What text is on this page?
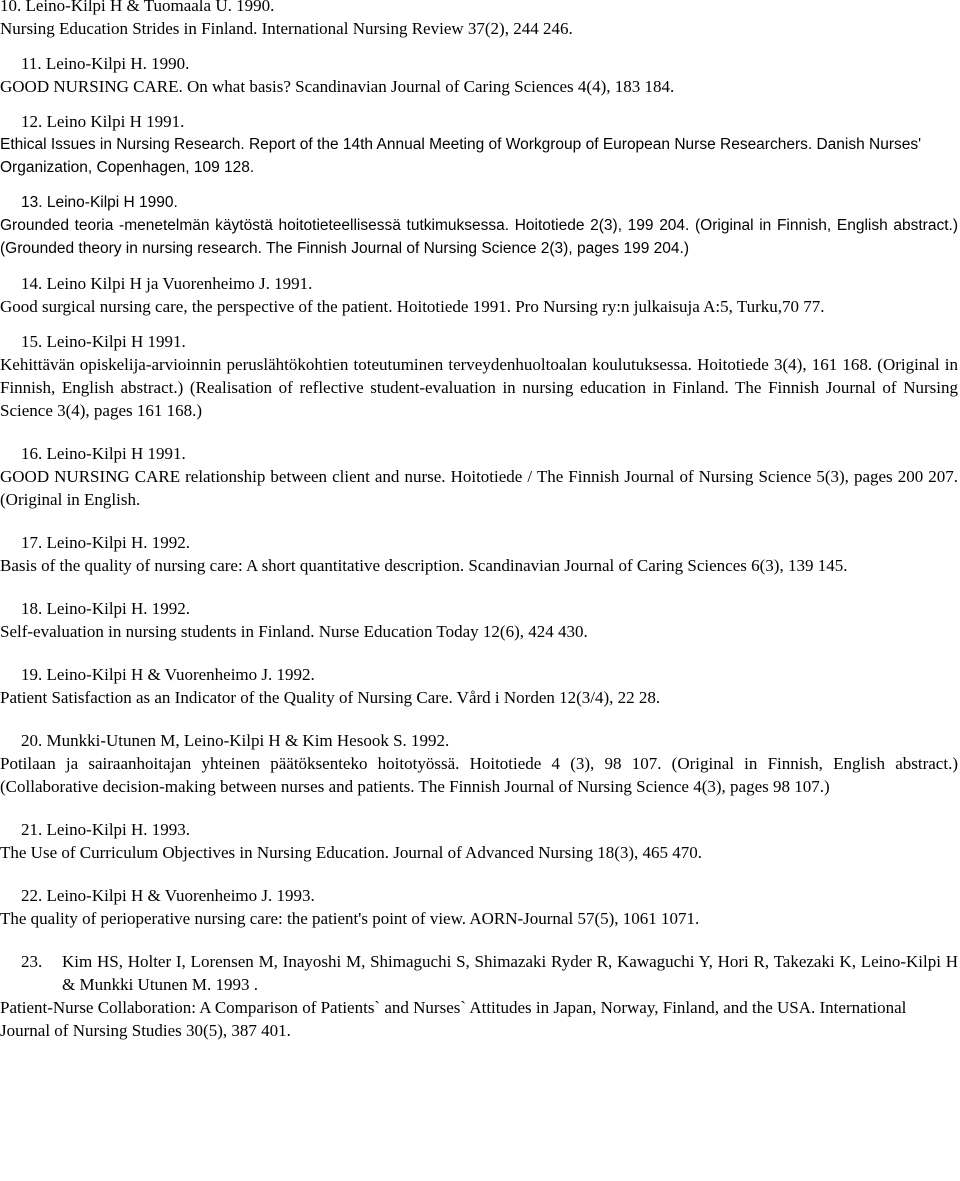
10. Leino-Kilpi H & Tuomaala U. 1990.
Nursing Education Strides in Finland. International Nursing Review 37(2), 244 246.
11. Leino-Kilpi H. 1990.
GOOD NURSING CARE. On what basis? Scandinavian Journal of Caring Sciences 4(4), 183 184.
12. Leino Kilpi H 1991.
Ethical Issues in Nursing Research. Report of the 14th Annual Meeting of Workgroup of European Nurse Researchers. Danish Nurses' Organization, Copenhagen, 109 128.
13. Leino-Kilpi H 1990.
Grounded teoria -menetelmän käytöstä hoitotieteellisessä tutkimuksessa. Hoitotiede 2(3), 199 204. (Original in Finnish, English abstract.) (Grounded theory in nursing research. The Finnish Journal of Nursing Science 2(3), pages 199 204.)
14. Leino Kilpi H ja Vuorenheimo J. 1991.
Good surgical nursing care, the perspective of the patient. Hoitotiede 1991. Pro Nursing ry:n julkaisuja A:5, Turku,70 77.
15. Leino-Kilpi H 1991.
Kehittävän opiskelija-arvioinnin peruslähtökohtien toteutuminen terveydenhuoltoalan koulutuksessa. Hoitotiede 3(4), 161 168. (Original in Finnish, English abstract.) (Realisation of reflective student-evaluation in nursing education in Finland. The Finnish Journal of Nursing Science 3(4), pages 161 168.)
16. Leino-Kilpi H 1991.
GOOD NURSING CARE relationship between client and nurse. Hoitotiede / The Finnish Journal of Nursing Science 5(3), pages 200 207. (Original in English.
17. Leino-Kilpi H. 1992.
Basis of the quality of nursing care: A short quantitative description. Scandinavian Journal of Caring Sciences 6(3), 139 145.
18. Leino-Kilpi H. 1992.
Self-evaluation in nursing students in Finland. Nurse Education Today 12(6), 424 430.
19. Leino-Kilpi H & Vuorenheimo J. 1992.
Patient Satisfaction as an Indicator of the Quality of Nursing Care. Vård i Norden 12(3/4), 22 28.
20. Munkki-Utunen M, Leino-Kilpi H & Kim Hesook S. 1992.
Potilaan ja sairaanhoitajan yhteinen päätöksenteko hoitotyössä. Hoitotiede 4 (3), 98 107. (Original in Finnish, English abstract.) (Collaborative decision-making between nurses and patients. The Finnish Journal of Nursing Science 4(3), pages 98 107.)
21. Leino-Kilpi H. 1993.
The Use of Curriculum Objectives in Nursing Education. Journal of Advanced Nursing 18(3), 465 470.
22. Leino-Kilpi H & Vuorenheimo J. 1993.
The quality of perioperative nursing care: the patient's point of view. AORN-Journal 57(5), 1061 1071.
23.	Kim HS, Holter I, Lorensen M, Inayoshi M, Shimaguchi S, Shimazaki Ryder R, Kawaguchi Y, Hori R, Takezaki K, Leino-Kilpi H & Munkki Utunen M. 1993 .
Patient-Nurse Collaboration: A Comparison of Patients` and Nurses` Attitudes in Japan, Norway, Finland, and the USA. International Journal of Nursing Studies 30(5), 387 401.
